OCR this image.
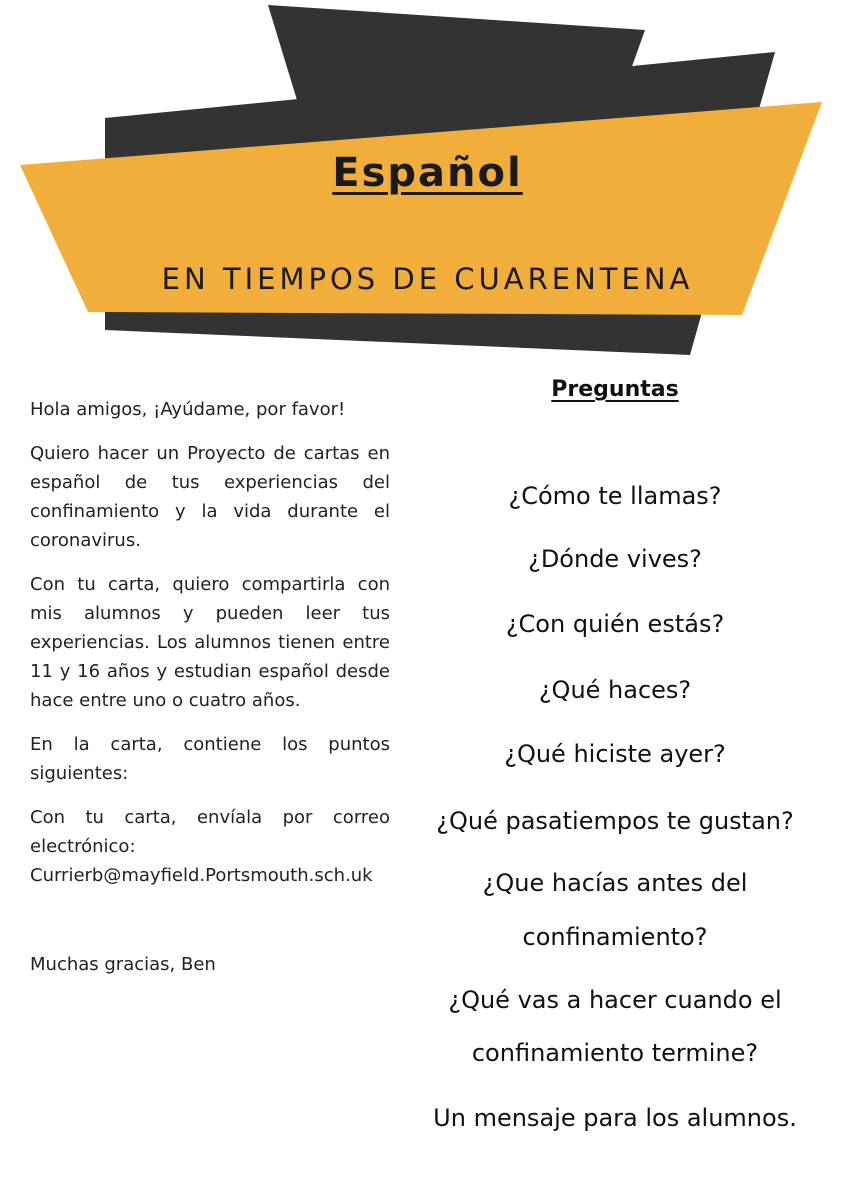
Español
EN TIEMPOS DE CUARENTENA

Hola amigos, ¡Ayúdame, por favor!

Quiero hacer un Proyecto de cartas en español de tus experiencias del confinamiento y la vida durante el coronavirus.

Con tu carta, quiero compartirla con mis alumnos y pueden leer tus experiencias. Los alumnos tienen entre 11 y 16 años y estudian español desde hace entre uno o cuatro años.

En la carta, contiene los puntos siguientes:

Con tu carta, envíala por correo electrónico:

Currierb@mayfield.Portsmouth.sch.uk

Muchas gracias, Ben

Preguntas
¿Cómo te llamas?
¿Dónde vives?
¿Con quién estás?
¿Qué haces?
¿Qué hiciste ayer?
¿Qué pasatiempos te gustan?
¿Que hacías antes del
confinamiento?
¿Qué vas a hacer cuando el
confinamiento termine?
Un mensaje para los alumnos.
